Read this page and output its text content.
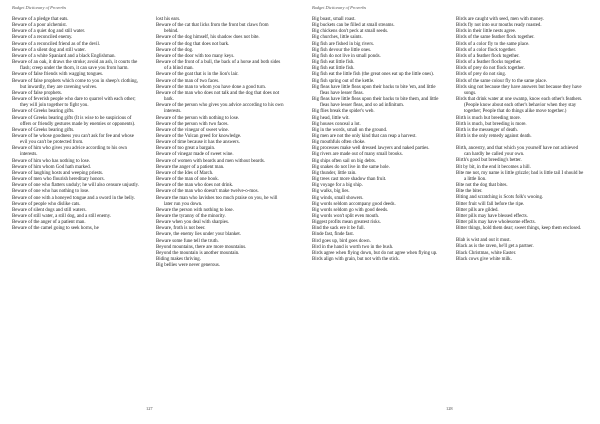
Budget Dictionary of Proverbs
Beware of a pledge that eats.
Beware of a poor alchemist.
Beware of a quiet dog and still water.
Beware of a reconciled enemy.
Beware of a reconciled friend as of the devil.
Beware of a silent dog and still water.
Beware of a white Spaniard and a black Englishman.
Beware of an oak, it draws the stroke; avoid an ash, it courts the flash; creep under the thorn, it can save you from harm.
Beware of false friends with wagging tongues.
Beware of false prophets which come to you in sheep's clothing, but inwardly, they are ravening wolves.
Beware of false prophets.
Beware of feverish people who dare to quarrel with each other; they will join together to fight you.
Beware of Greeks bearing gifts.
Beware of Greeks bearing gifts (It is wise to be suspicious of offers or friendly gestures made by enemies or opponents).
Beware of Greeks bearing gifts.
Beware of he whose goodness you can't ask for fee and whose evil you can't be protected from.
Beware of him who gives you advice according to his own interests.
Beware of him who has nothing to lose.
Beware of him whom God hath marked.
Beware of laughing hosts and weeping priests.
Beware of men who flourish hereditary honors.
Beware of one who flatters unduly; he will also censure unjustly.
Beware of one who has nothing to lose.
Beware of one with a honeyed tongue and a sword in the belly.
Beware of people who dislike cats.
Beware of silent dogs and still waters.
Beware of still water, a still dog, and a still enemy.
Beware of the anger of a patient man.
Beware of the camel going to seek horns, he
lost his ears.
Beware of the cat that licks from the front but claws from behind.
Beware of the dog himself, his shadow does not bite.
Beware of the dog that does not bark.
Beware of the dog.
Beware of the door with too many keys.
Beware of the front of a bull, the back of a horse and both sides of a blind man.
Beware of the goat that is in the lion's lair.
Beware of the man of two faces.
Beware of the man to whom you have done a good turn.
Beware of the man who does not talk and the dog that does not bark.
Beware of the person who gives you advice according to his own interests.
Beware of the person with nothing to lose.
Beware of the person with two faces.
Beware of the vinegar of sweet wine.
Beware of the Vulcan greed for knowledge.
Beware of time because it has the answers.
Beware of too great a bargain.
Beware of vinegar made of sweet wine.
Beware of women with beards and men without beards.
Beware the anger of a patient man.
Beware of the Ides of March.
Beware of the man of one book.
Beware of the man who does not drink.
Beware of the man who doesn't make twelve-o-mos.
Beware the man who lavishes too much praise on you, he will later run you down.
Beware the person with nothing to lose.
Beware the tyranny of the minority.
Beware when you deal with sharpies.
Beware, froth is not beer.
Beware, the enemy lies under your blanket.
Beware some fune tell the truth.
Beyond mountains, there are more mountains.
Beyond the mountain is another mountain.
Biding makes thriving.
Big bellies were never generous.
127
Budget Dictionary of Proverbs
Big boast, small roast.
Big buckets can be filled at small streams.
Big chickens don't peck at small seeds.
Big churches, little saints.
Big fish are fished in big rivers.
Big fish devour the little ones.
Big fish do not live in small ponds.
Big fish eat little fish.
Big fish eat little fish.
Big fish eat the little fish (the great ones eat up the little ones).
Big fish spring out of the kettle.
Big fleas have little fleas upon their backs to bite 'em, and little fleas have lesser fleas.
Big fleas have little fleas upon their backs to bite them, and little fleas have lesser fleas, and so ad infinitum.
Big flies break the spider's web.
Big head, little wit.
Big houses conceal a lot.
Big in the words, small on the ground.
Big men are not the only kind that can reap a harvest.
Big mouthfuls often choke.
Big processes make well dressed lawyers and naked parties.
Big rivers are made out of many small brooks.
Big ships often sail on big debts.
Big snakes do not live in the same hole.
Big thunder, little rain.
Big trees cast more shadow than fruit.
Big voyage for a big ship.
Big walks, big lies.
Big winds, small showers.
Big words seldom accompany good deeds.
Big words seldom go with good deeds.
Big words won't split even mouth.
Biggest profits mean greatest risks.
Bind the sack ere it be full.
Binde fast, finde fast.
Bird goes up, bird goes down.
Bird in the hand is worth two in the bush.
Birds agree when flying down, but do not agree when flying up.
Birds align with grain, but not with the stick.
Birds are caught with seed, men with money.
Birds fly not into our mouths ready roasted.
Birds in their little nests agree.
Birds of the same feather flock together.
Birds of a color fly to the same place.
Birds of a color flock together.
Birds of a feather flock together.
Birds of a feather flocks together.
Birds of prey do not flock together.
Birds of prey do not sing.
Birds of the same colour fly to the same place.
Birds sing not because they have answers but because they have songs.
Birds that drink water at one swamp, know each other's feathers. (People know about each other's behavior when they stay together; People that do things alike move together.)
Birth is much but breeding more.
Birth is much, but breeding is more.
Birth is the messenger of death.
Birth is the only remedy against death.
Birth, ancestry, and that which you yourself have not achieved can hardly be called your own.
Birth's good but breeding's better.
Bit by bit, in the end it becomes a hill.
Bite me not, my name is little grizzle; bad is little tail I should be a little lion.
Bite not the dog that bites.
Bite the biter.
Biting and scratching is Scots folk's wooing.
Bitter fruit will fall before the ripe.
Bitter pills are gilded.
Bitter pills may have blessed effects.
Bitter pills may have wholesome effects.
Bitter things, hold them dear; sweet things, keep them enclosed.
Blab is wist and out it must.
Black as is the raven, he'll get a partner.
Black Christmas, white Easter.
Black cows give white milk.
128
